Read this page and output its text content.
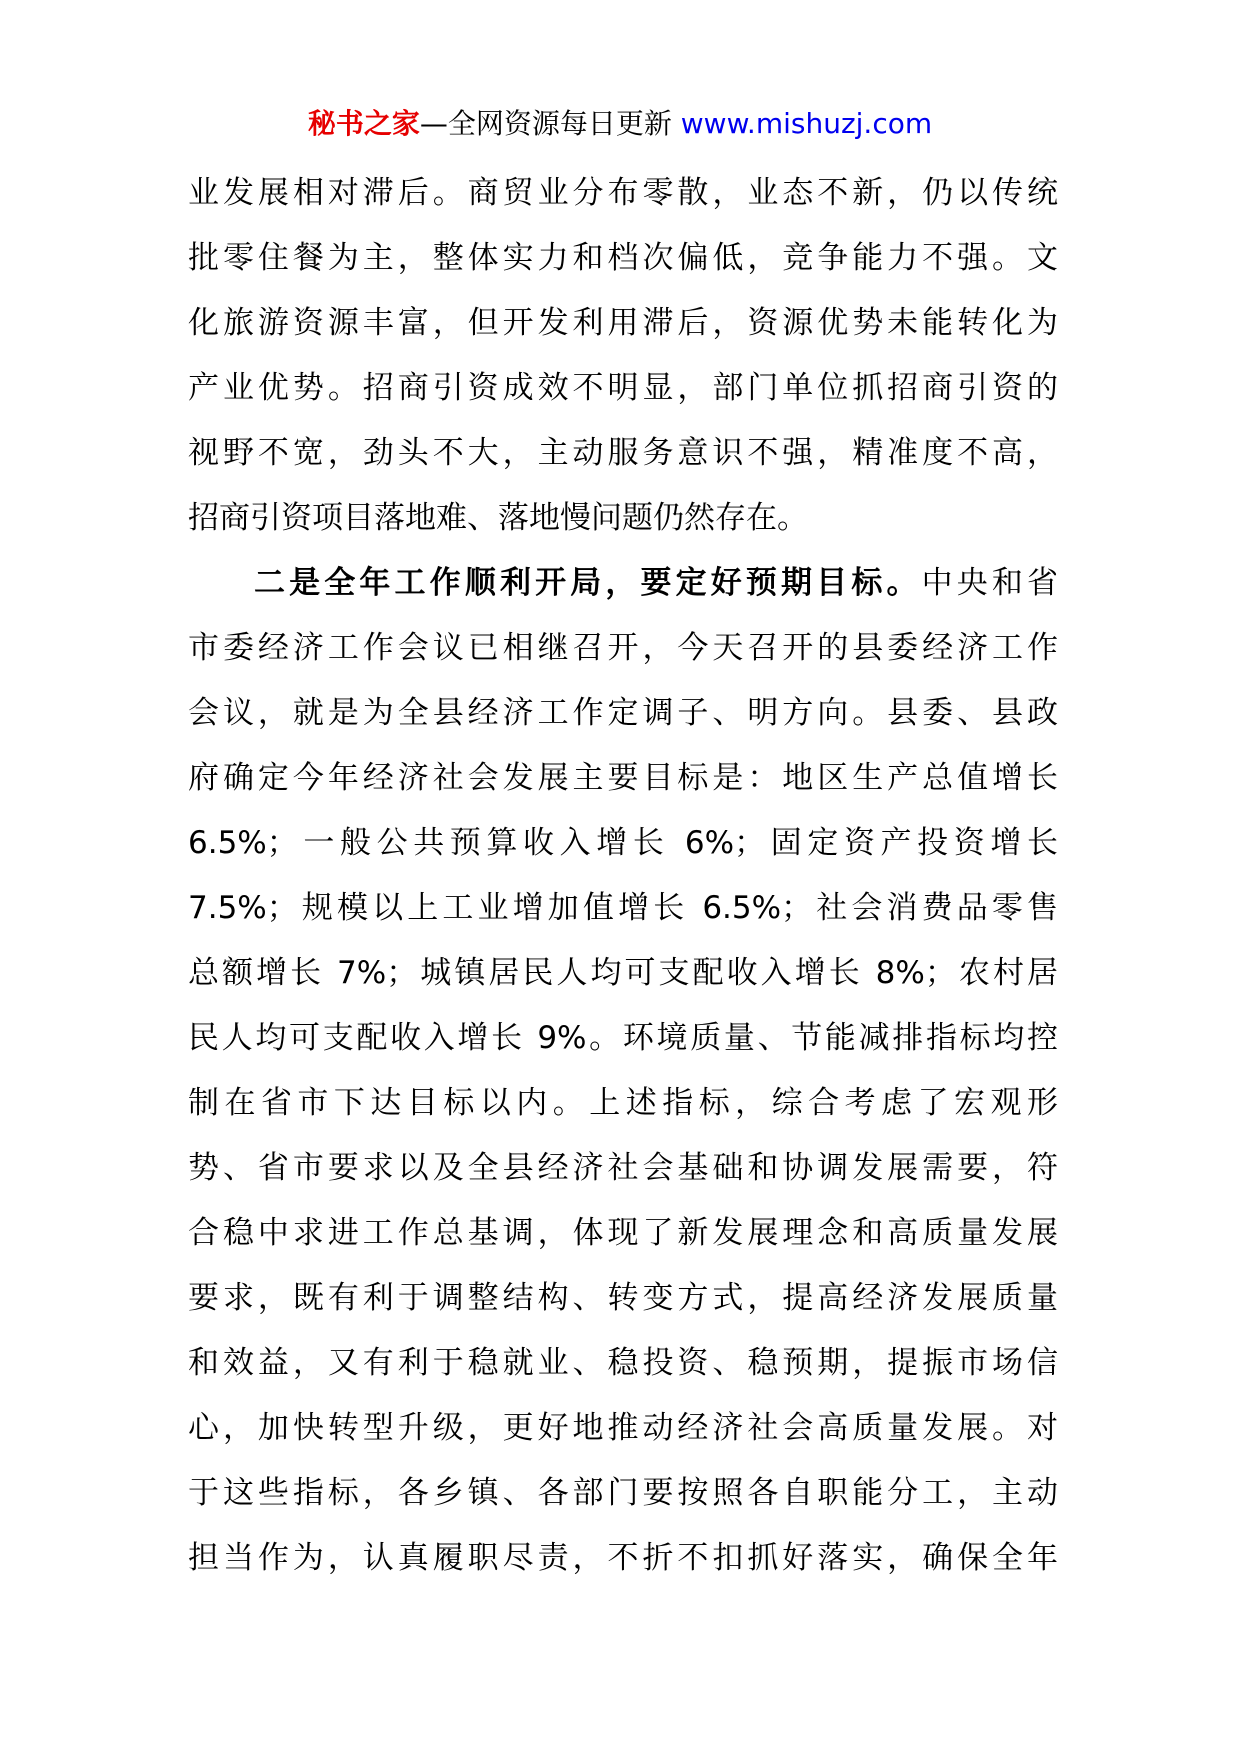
秘书之家—全网资源每日更新 www.mishuzj.com
业发展相对滞后。商贸业分布零散，业态不新，仍以传统
批零住餐为主，整体实力和档次偏低，竞争能力不强。文
化旅游资源丰富，但开发利用滞后，资源优势未能转化为
产业优势。招商引资成效不明显，部门单位抓招商引资的
视野不宽，劲头不大，主动服务意识不强，精准度不高，
招商引资项目落地难、落地慢问题仍然存在。
二是全年工作顺利开局，要定好预期目标。中央和省
市委经济工作会议已相继召开，今天召开的县委经济工作
会议，就是为全县经济工作定调子、明方向。县委、县政
府确定今年经济社会发展主要目标是：地区生产总值增长
6.5%；一般公共预算收入增长 6%；固定资产投资增长
7.5%；规模以上工业增加值增长 6.5%；社会消费品零售
总额增长 7%；城镇居民人均可支配收入增长 8%；农村居
民人均可支配收入增长 9%。环境质量、节能减排指标均控
制在省市下达目标以内。上述指标，综合考虑了宏观形
势、省市要求以及全县经济社会基础和协调发展需要，符
合稳中求进工作总基调，体现了新发展理念和高质量发展
要求，既有利于调整结构、转变方式，提高经济发展质量
和效益，又有利于稳就业、稳投资、稳预期，提振市场信
心，加快转型升级，更好地推动经济社会高质量发展。对
于这些指标，各乡镇、各部门要按照各自职能分工，主动
担当作为，认真履职尽责，不折不扣抓好落实，确保全年
